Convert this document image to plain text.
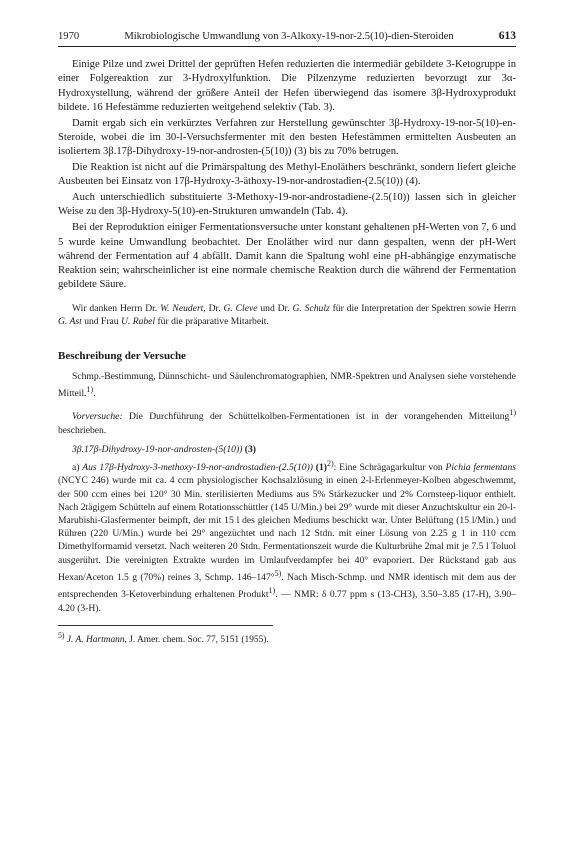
1970	Mikrobiologische Umwandlung von 3-Alkoxy-19-nor-2.5(10)-dien-Steroiden	613

Einige Pilze und zwei Drittel der geprüften Hefen reduzierten die intermediär gebildete 3-Ketogruppe in einer Folgereaktion zur 3-Hydroxylfunktion. Die Pilzenzyme reduzierten bevorzugt zur 3α-Hydroxystellung, während der größere Anteil der Hefen überwiegend das isomere 3β-Hydroxyprodukt bildete. 16 Hefestämme reduzierten weitgehend selektiv (Tab. 3).

Damit ergab sich ein verkürztes Verfahren zur Herstellung gewünschter 3β-Hydroxy-19-nor-5(10)-en-Steroide, wobei die im 30-l-Versuchsfermenter mit den besten Hefestämmen ermittelten Ausbeuten an isoliertem 3β.17β-Dihydroxy-19-nor-androsten-(5(10)) (3) bis zu 70% betrugen.

Die Reaktion ist nicht auf die Primärspaltung des Methyl-Enoläthers beschränkt, sondern liefert gleiche Ausbeuten bei Einsatz von 17β-Hydroxy-3-äthoxy-19-nor-androstadien-(2.5(10)) (4).

Auch unterschiedlich substituierte 3-Methoxy-19-nor-androstadiene-(2.5(10)) lassen sich in gleicher Weise zu den 3β-Hydroxy-5(10)-en-Strukturen umwandeln (Tab. 4).

Bei der Reproduktion einiger Fermentationsversuche unter konstant gehaltenen pH-Werten von 7, 6 und 5 wurde keine Umwandlung beobachtet. Der Enoläther wird nur dann gespalten, wenn der pH-Wert während der Fermentation auf 4 abfällt. Damit kann die Spaltung wohl eine pH-abhängige enzymatische Reaktion sein; wahrscheinlicher ist eine normale chemische Reaktion durch die während der Fermentation gebildete Säure.

Wir danken Herrn Dr. W. Neudert, Dr. G. Cleve und Dr. G. Schulz für die Interpretation der Spektren sowie Herrn G. Ast und Frau U. Rabel für die präparative Mitarbeit.

Beschreibung der Versuche

Schmp.-Bestimmung, Dünnschicht- und Säulenchromatographien, NMR-Spektren und Analysen siehe vorstehende Mitteil.$^{1)}$.

Vorversuche: Die Durchführung der Schüttelkolben-Fermentationen ist in der vorangehenden Mitteilung$^{1)}$ beschrieben.

3β.17β-Dihydroxy-19-nor-androsten-(5(10)) (3)

a) Aus 17β-Hydroxy-3-methoxy-19-nor-androstadien-(2.5(10)) $(1)^{2)}$: Eine Schrägagarkultur von Pichia fermentans (NCYC 246) wurde mit ca. 4 ccm physiologischer Kochsalzlösung in einen 2-l-Erlenmeyer-Kolben abgeschwemmt, der 500 ccm eines bei 120° 30 Min. sterilisierten Mediums aus 5% Stärkezucker und 2% Cornsteep-liquor enthielt. Nach 2tägigem Schütteln auf einem Rotationsschüttler (145 U/Min.) bei 29° wurde mit dieser Anzuchtskultur ein 20-l-Marubishi-Glasfermenter beimpft, der mit 15 l des gleichen Mediums beschickt war. Unter Belüftung (15 l/Min.) und Rühren (220 U/Min.) wurde bei 29° angezüchtet und nach 12 Stdn. mit einer Lösung von 2.25 g 1 in 110 ccm Dimethylformamid versetzt. Nach weiteren 20 Stdn. Fermentationszeit wurde die Kulturbrühe 2mal mit je 7.5 l Toluol ausgerührt. Die vereinigten Extrakte wurden im Umlaufverdampfer bei 40° evaporiert. Der Rückstand gab aus Hexan/Aceton 1.5 g (70%) reines 3, Schmp. 146–147°$^{5)}$. Nach Misch-Schmp. und NMR identisch mit dem aus der entsprechenden 3-Ketoverbindung erhaltenen Produkt$^{1)}$. — NMR: δ 0.77 ppm s (13-CH3), 3.50–3.85 (17-H), 3.90–4.20 (3-H).

$^{5)}$ J. A. Hartmann, J. Amer. chem. Soc. 77, 5151 (1955).
